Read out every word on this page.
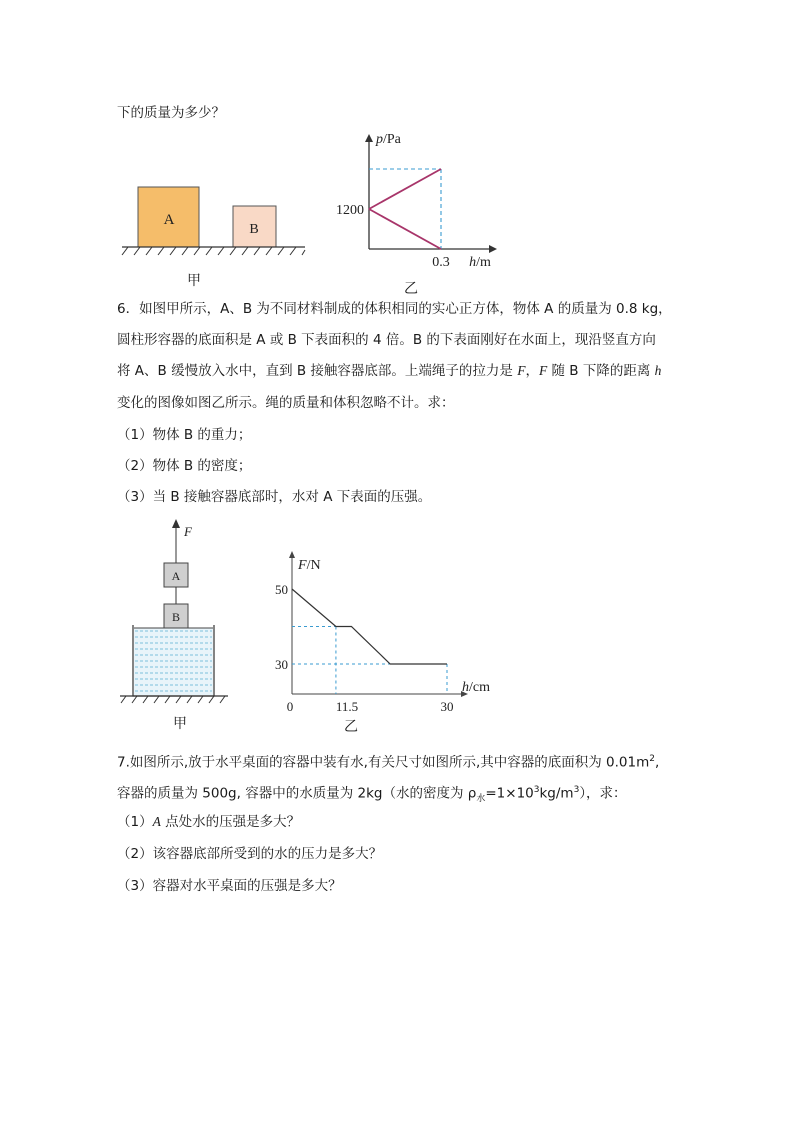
下的质量为多少？
A
B
甲
p/Pa
1200
0.3 h/m
乙
6．如图甲所示，A、B 为不同材料制成的体积相同的实心正方体，物体 A 的质量为 0.8 kg，
圆柱形容器的底面积是 A 或 B 下表面积的 4 倍。B 的下表面刚好在水面上，现沿竖直方向
将 A、B 缓慢放入水中，直到 B 接触容器底部。上端绳子的拉力是 F，F 随 B 下降的距离 h
变化的图像如图乙所示。绳的质量和体积忽略不计。求：
（1）物体 B 的重力；
（2）物体 B 的密度；
（3）当 B 接触容器底部时，水对 A 下表面的压强。
F
A
B
甲
F/N
50
30
0	11.5	30
h/cm
乙
7.如图所示,放于水平桌面的容器中装有水,有关尺寸如图所示,其中容器的底面积为 $0.01m^2$,
容器的质量为 500g, 容器中的水质量为 2kg（水的密度为 $\rho_水=1\times 10^3kg/m^3$），求：
（1）A 点处水的压强是多大？
（2）该容器底部所受到的水的压力是多大？
（3）容器对水平桌面的压强是多大？
